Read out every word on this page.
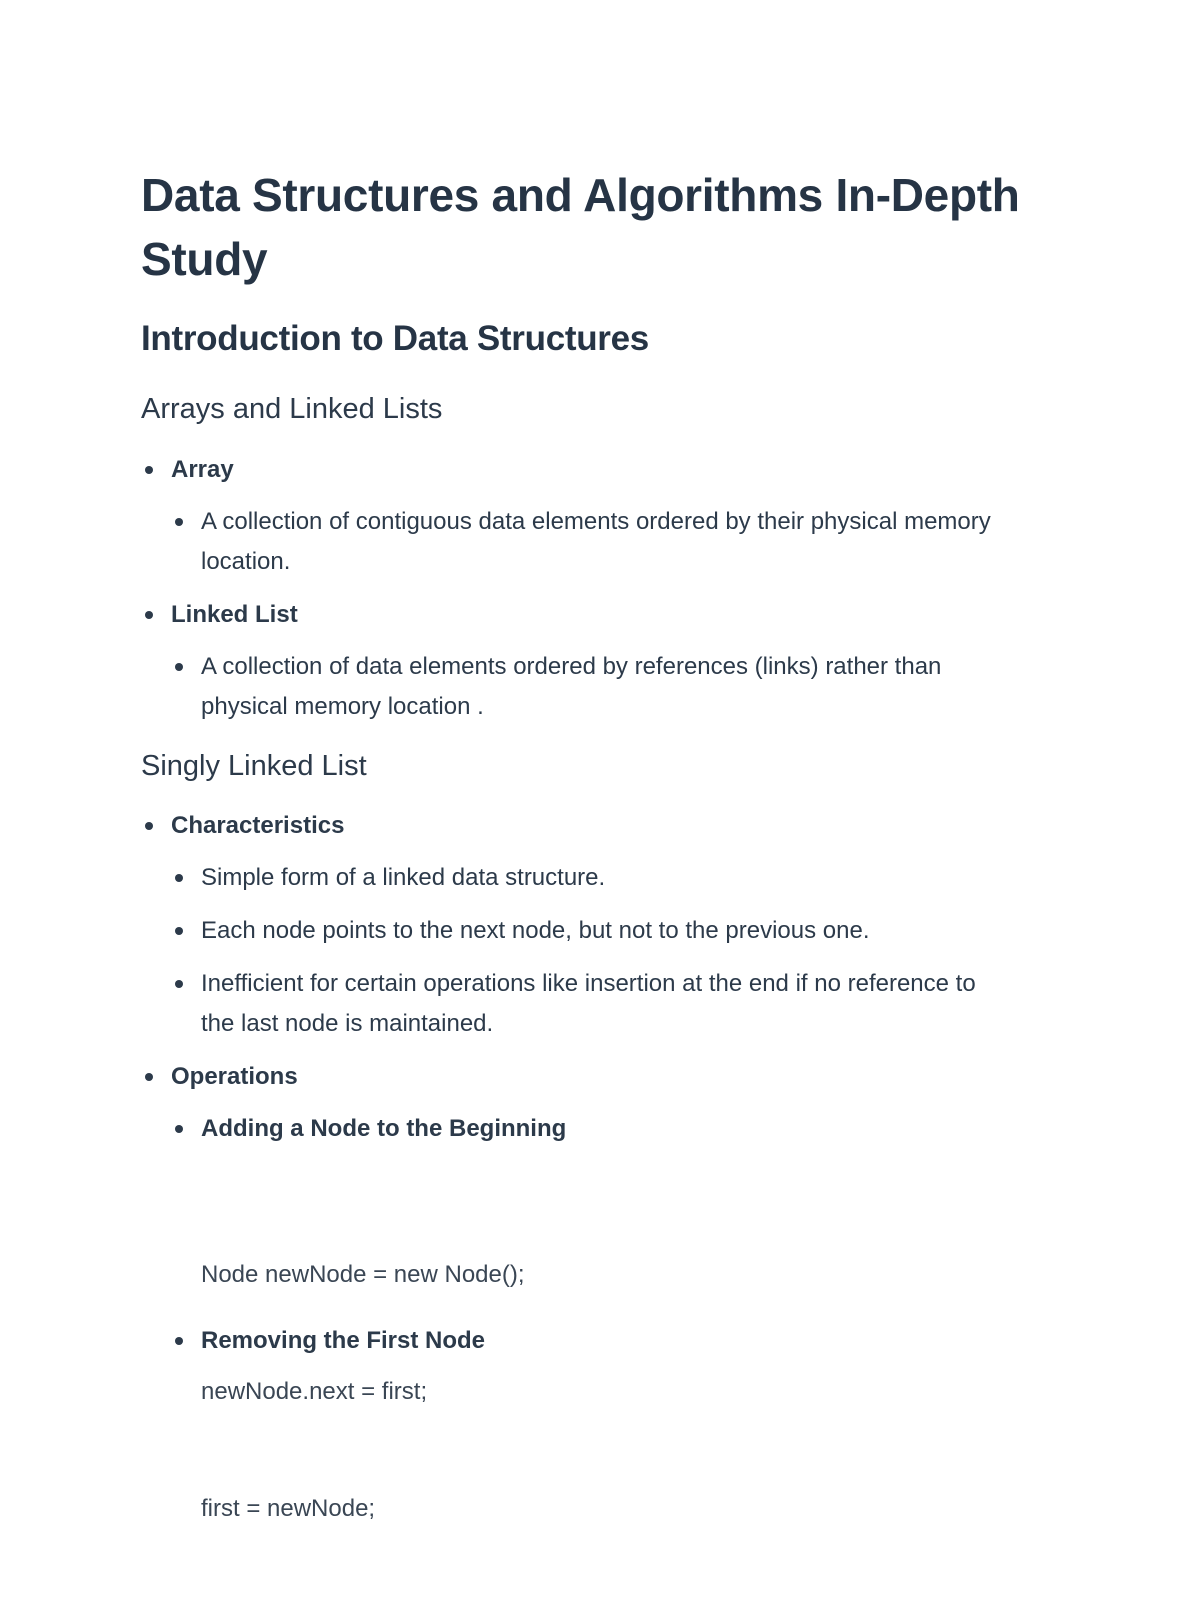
Data Structures and Algorithms In-Depth Study
Introduction to Data Structures
Arrays and Linked Lists
Array
A collection of contiguous data elements ordered by their physical memory location.
Linked List
A collection of data elements ordered by references (links) rather than physical memory location .
Singly Linked List
Characteristics
Simple form of a linked data structure.
Each node points to the next node, but not to the previous one.
Inefficient for certain operations like insertion at the end if no reference to the last node is maintained.
Operations
Adding a Node to the Beginning

Node newNode = new Node();

newNode.next = first;

first = newNode;

Removing the First Node
